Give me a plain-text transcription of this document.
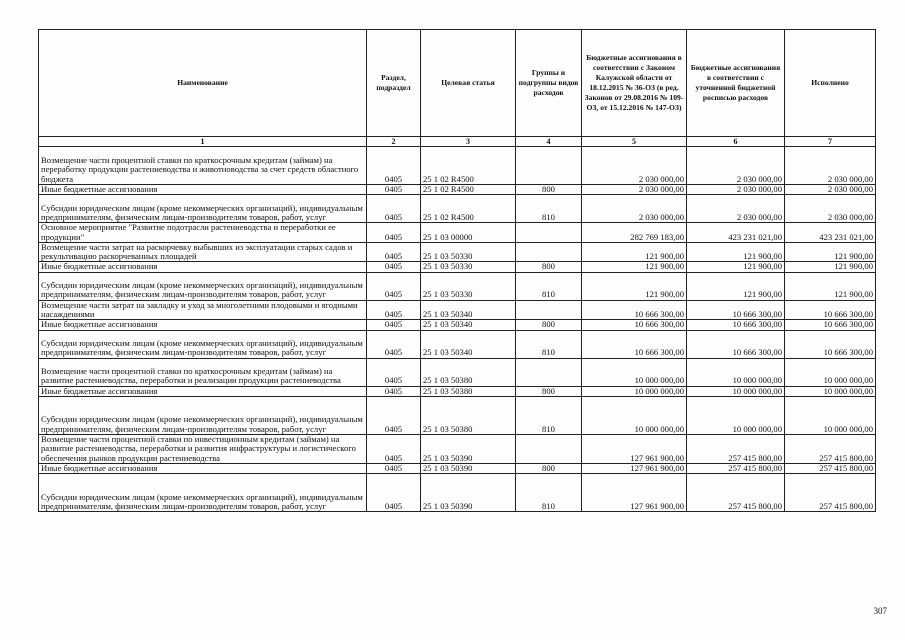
Наименование	Раздел, подраздел	Целевая статья	Группы и подгруппы видов расходов	Бюджетные ассигнования в соответствии с Законом Калужской области от 18.12.2015 № 36-ОЗ (в ред. Законов от 29.08.2016 № 109-ОЗ, от 15.12.2016 № 147-ОЗ)	Бюджетные ассигнования в соответствии с уточненной бюджетной росписью расходов	Исполнено
1	2	3	4	5	6	7
Возмещение части процентной ставки по краткосрочным кредитам (займам) на переработку продукции растениеводства и животноводства за счет средств областного бюджета	0405	25 1 02 R4500		2 030 000,00	2 030 000,00	2 030 000,00
Иные бюджетные ассигнования	0405	25 1 02 R4500	800	2 030 000,00	2 030 000,00	2 030 000,00
Субсидии юридическим лицам (кроме некоммерческих организаций), индивидуальным предпринимателям, физическим лицам-производителям товаров, работ, услуг	0405	25 1 02 R4500	810	2 030 000,00	2 030 000,00	2 030 000,00
Основное мероприятие "Развитие подотрасли растениеводства и переработки ее продукции"	0405	25 1 03 00000		282 769 183,00	423 231 021,00	423 231 021,00
Возмещение части затрат на раскорчевку выбывших из эксплуатации старых садов и рекультивацию раскорчеванных площадей	0405	25 1 03 50330		121 900,00	121 900,00	121 900,00
Иные бюджетные ассигнования	0405	25 1 03 50330	800	121 900,00	121 900,00	121 900,00
Субсидии юридическим лицам (кроме некоммерческих организаций), индивидуальным предпринимателям, физическим лицам-производителям товаров, работ, услуг	0405	25 1 03 50330	810	121 900,00	121 900,00	121 900,00
Возмещение части затрат на закладку и уход за многолетними плодовыми и ягодными насаждениями	0405	25 1 03 50340		10 666 300,00	10 666 300,00	10 666 300,00
Иные бюджетные ассигнования	0405	25 1 03 50340	800	10 666 300,00	10 666 300,00	10 666 300,00
Субсидии юридическим лицам (кроме некоммерческих организаций), индивидуальным предпринимателям, физическим лицам-производителям товаров, работ, услуг	0405	25 1 03 50340	810	10 666 300,00	10 666 300,00	10 666 300,00
Возмещение части процентной ставки по краткосрочным кредитам (займам) на развитие растениеводства, переработки и реализации продукции растениеводства	0405	25 1 03 50380		10 000 000,00	10 000 000,00	10 000 000,00
Иные бюджетные ассигнования	0405	25 1 03 50380	800	10 000 000,00	10 000 000,00	10 000 000,00
Субсидии юридическим лицам (кроме некоммерческих организаций), индивидуальным предпринимателям, физическим лицам-производителям товаров, работ, услуг	0405	25 1 03 50380	810	10 000 000,00	10 000 000,00	10 000 000,00
Возмещение части процентной ставки по инвестиционным кредитам (займам) на развитие растениеводства, переработки и развития инфраструктуры и логистического обеспечения рынков продукции растениеводства	0405	25 1 03 50390		127 961 900,00	257 415 800,00	257 415 800,00
Иные бюджетные ассигнования	0405	25 1 03 50390	800	127 961 900,00	257 415 800,00	257 415 800,00
Субсидии юридическим лицам (кроме некоммерческих организаций), индивидуальным предпринимателям, физическим лицам-производителям товаров, работ, услуг	0405	25 1 03 50390	810	127 961 900,00	257 415 800,00	257 415 800,00
307
